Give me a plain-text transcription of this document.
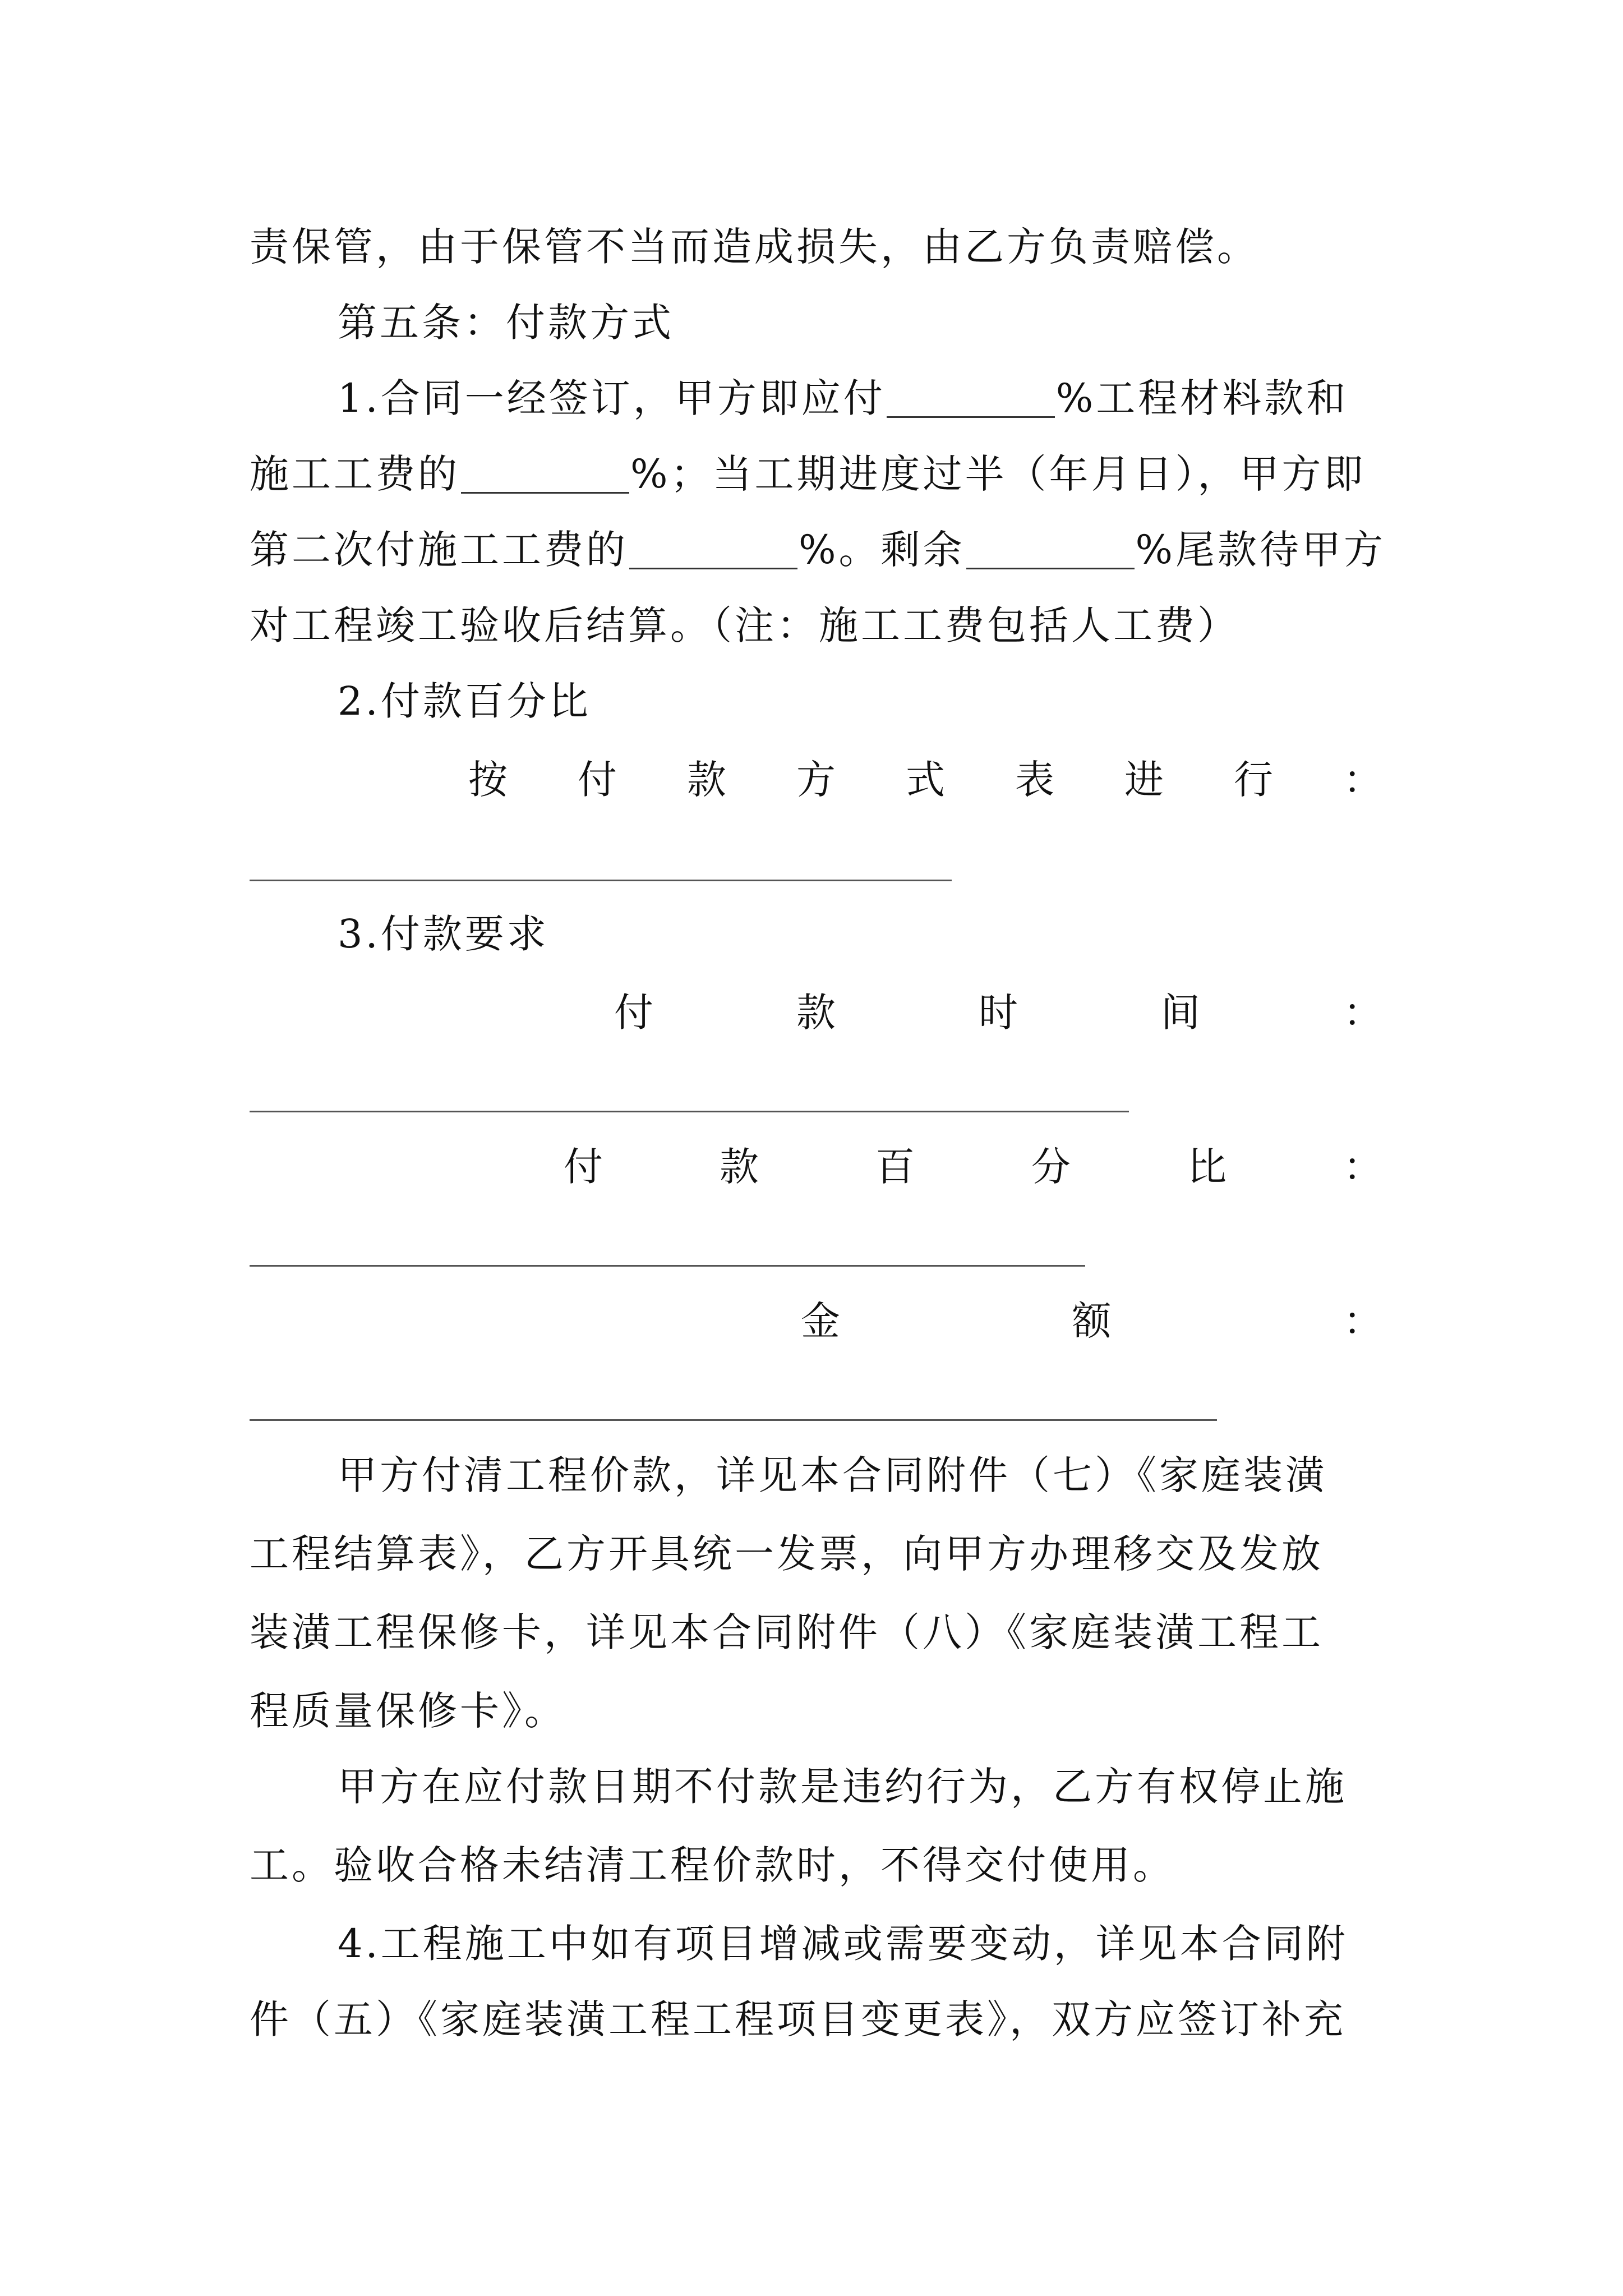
责保管，由于保管不当而造成损失，由乙方负责赔偿。
第五条：付款方式
1.合同一经签订，甲方即应付	%工程材料款和
施工工费的	%；当工期进度过半（年月日），甲方即
第二次付施工工费的	%。剩余	%尾款待甲方
对工程竣工验收后结算。（注：施工工费包括人工费）
2.付款百分比
按 付 款 方 式 表 进 行 ：
3.付款要求
付	款	时	间	：
付	款	百	分	比	：
金	额	：
甲方付清工程价款，详见本合同附件（七）《家庭装潢
工程结算表》，乙方开具统一发票，向甲方办理移交及发放
装潢工程保修卡，详见本合同附件（八）《家庭装潢工程工
程质量保修卡》。
甲方在应付款日期不付款是违约行为，乙方有权停止施
工。验收合格未结清工程价款时，不得交付使用。
4.工程施工中如有项目增减或需要变动，详见本合同附
件（五）《家庭装潢工程工程项目变更表》，双方应签订补充
